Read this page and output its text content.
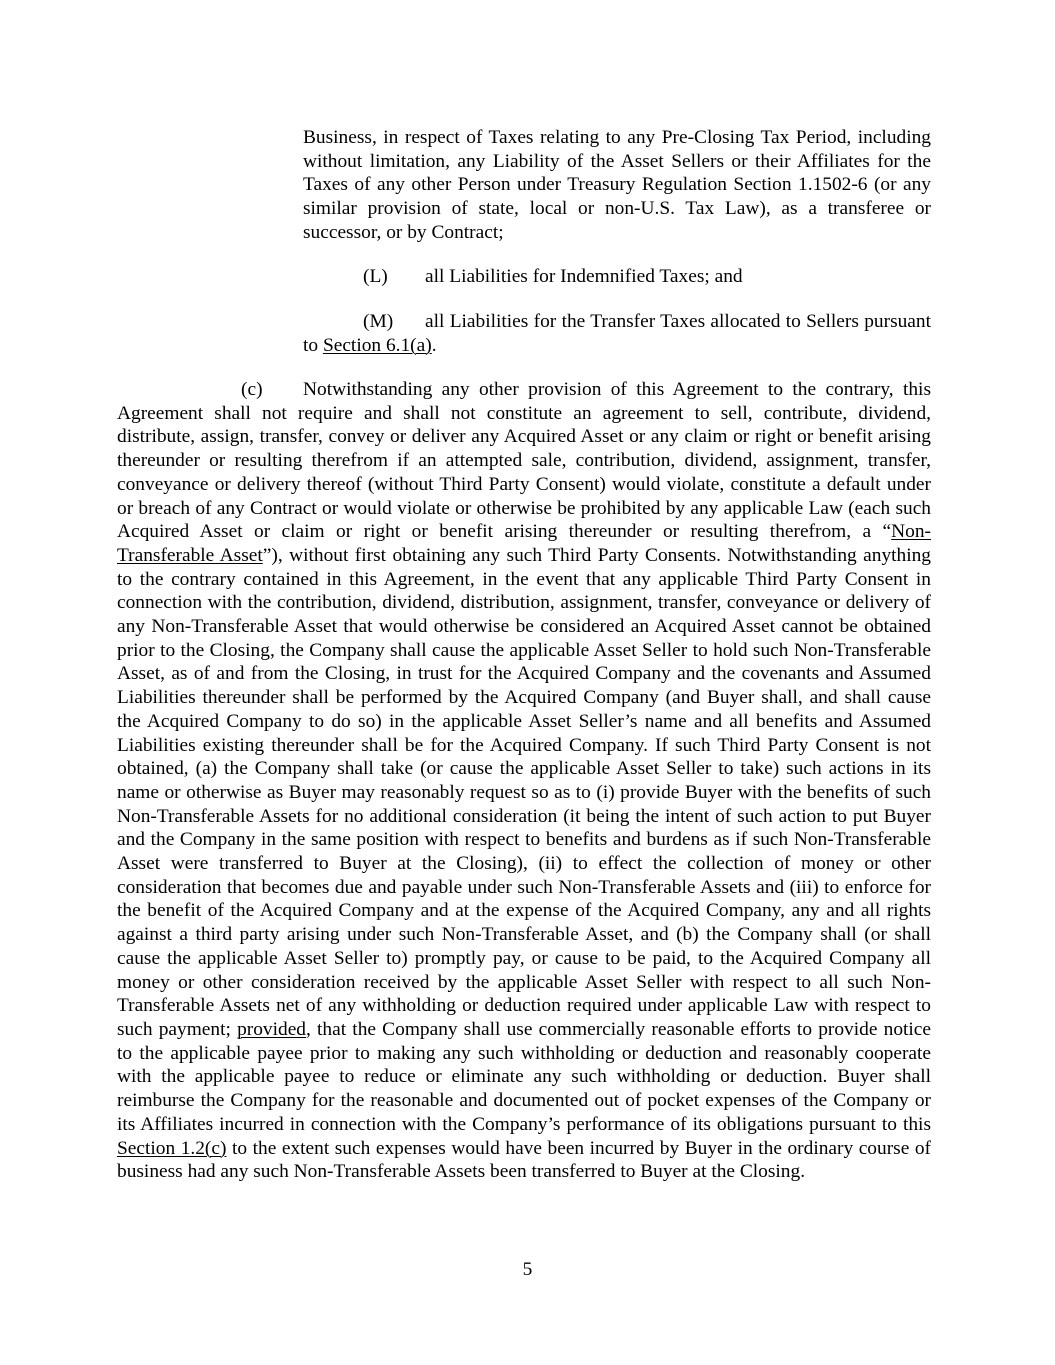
Business, in respect of Taxes relating to any Pre-Closing Tax Period, including without limitation, any Liability of the Asset Sellers or their Affiliates for the Taxes of any other Person under Treasury Regulation Section 1.1502-6 (or any similar provision of state, local or non-U.S. Tax Law), as a transferee or successor, or by Contract;

(L) all Liabilities for Indemnified Taxes; and

(M) all Liabilities for the Transfer Taxes allocated to Sellers pursuant to Section 6.1(a).

(c) Notwithstanding any other provision of this Agreement to the contrary, this Agreement shall not require and shall not constitute an agreement to sell, contribute, dividend, distribute, assign, transfer, convey or deliver any Acquired Asset or any claim or right or benefit arising thereunder or resulting therefrom if an attempted sale, contribution, dividend, assignment, transfer, conveyance or delivery thereof (without Third Party Consent) would violate, constitute a default under or breach of any Contract or would violate or otherwise be prohibited by any applicable Law (each such Acquired Asset or claim or right or benefit arising thereunder or resulting therefrom, a “Non-Transferable Asset”), without first obtaining any such Third Party Consents. Notwithstanding anything to the contrary contained in this Agreement, in the event that any applicable Third Party Consent in connection with the contribution, dividend, distribution, assignment, transfer, conveyance or delivery of any Non-Transferable Asset that would otherwise be considered an Acquired Asset cannot be obtained prior to the Closing, the Company shall cause the applicable Asset Seller to hold such Non-Transferable Asset, as of and from the Closing, in trust for the Acquired Company and the covenants and Assumed Liabilities thereunder shall be performed by the Acquired Company (and Buyer shall, and shall cause the Acquired Company to do so) in the applicable Asset Seller’s name and all benefits and Assumed Liabilities existing thereunder shall be for the Acquired Company. If such Third Party Consent is not obtained, (a) the Company shall take (or cause the applicable Asset Seller to take) such actions in its name or otherwise as Buyer may reasonably request so as to (i) provide Buyer with the benefits of such Non-Transferable Assets for no additional consideration (it being the intent of such action to put Buyer and the Company in the same position with respect to benefits and burdens as if such Non-Transferable Asset were transferred to Buyer at the Closing), (ii) to effect the collection of money or other consideration that becomes due and payable under such Non-Transferable Assets and (iii) to enforce for the benefit of the Acquired Company and at the expense of the Acquired Company, any and all rights against a third party arising under such Non-Transferable Asset, and (b) the Company shall (or shall cause the applicable Asset Seller to) promptly pay, or cause to be paid, to the Acquired Company all money or other consideration received by the applicable Asset Seller with respect to all such Non-Transferable Assets net of any withholding or deduction required under applicable Law with respect to such payment; provided, that the Company shall use commercially reasonable efforts to provide notice to the applicable payee prior to making any such withholding or deduction and reasonably cooperate with the applicable payee to reduce or eliminate any such withholding or deduction. Buyer shall reimburse the Company for the reasonable and documented out of pocket expenses of the Company or its Affiliates incurred in connection with the Company’s performance of its obligations pursuant to this Section 1.2(c) to the extent such expenses would have been incurred by Buyer in the ordinary course of business had any such Non-Transferable Assets been transferred to Buyer at the Closing.

5
